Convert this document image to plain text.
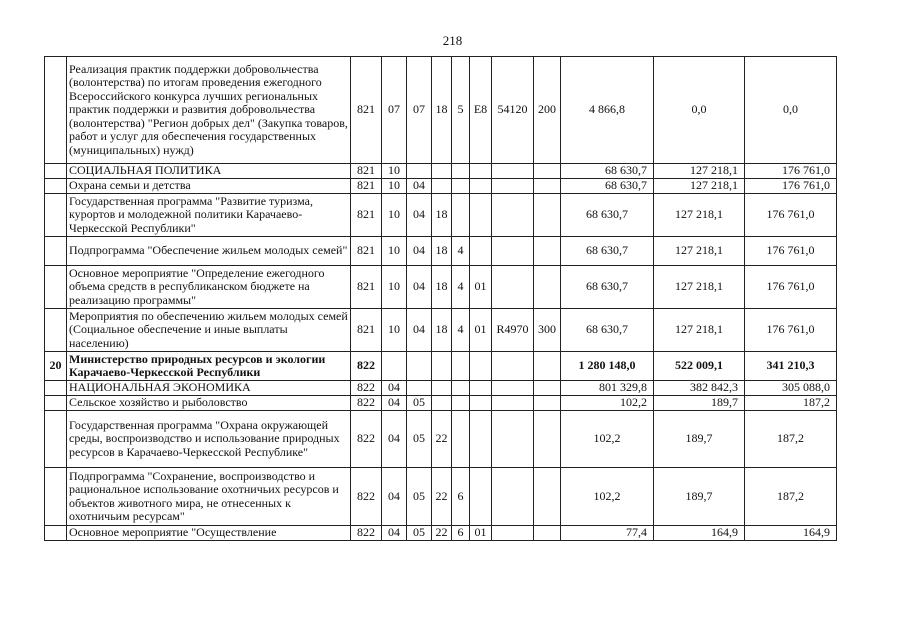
218
	Реализация практик поддержки добровольчества (волонтерства) по итогам проведения ежегодного Всероссийского конкурса лучших региональных практик поддержки и развития добровольчества (волонтерства) "Регион добрых дел" (Закупка товаров, работ и услуг для обеспечения государственных (муниципальных) нужд)	821	07	07	18	5	E8	54120	200	4 866,8	0,0	0,0
	СОЦИАЛЬНАЯ ПОЛИТИКА	821	10							68 630,7	127 218,1	176 761,0
	Охрана семьи и детства	821	10	04						68 630,7	127 218,1	176 761,0
	Государственная программа "Развитие туризма, курортов и молодежной политики Карачаево-Черкесской Республики"	821	10	04	18					68 630,7	127 218,1	176 761,0
	Подпрограмма "Обеспечение жильем молодых семей"	821	10	04	18	4				68 630,7	127 218,1	176 761,0
	Основное мероприятие "Определение ежегодного объема средств в республиканском бюджете на реализацию программы"	821	10	04	18	4	01			68 630,7	127 218,1	176 761,0
	Мероприятия по обеспечению жильем молодых семей (Социальное обеспечение и иные выплаты населению)	821	10	04	18	4	01	R4970	300	68 630,7	127 218,1	176 761,0
20	Министерство природных ресурсов и экологии Карачаево-Черкесской Республики	822								1 280 148,0	522 009,1	341 210,3
	НАЦИОНАЛЬНАЯ ЭКОНОМИКА	822	04							801 329,8	382 842,3	305 088,0
	Сельское хозяйство и рыболовство	822	04	05						102,2	189,7	187,2
	Государственная программа "Охрана окружающей среды, воспроизводство и использование природных ресурсов в Карачаево-Черкесской Республике"	822	04	05	22					102,2	189,7	187,2
	Подпрограмма "Сохранение, воспроизводство и рациональное использование охотничьих ресурсов и объектов животного мира, не отнесенных к охотничьим ресурсам"	822	04	05	22	6				102,2	189,7	187,2
	Основное мероприятие "Осуществление	822	04	05	22	6	01			77,4	164,9	164,9
